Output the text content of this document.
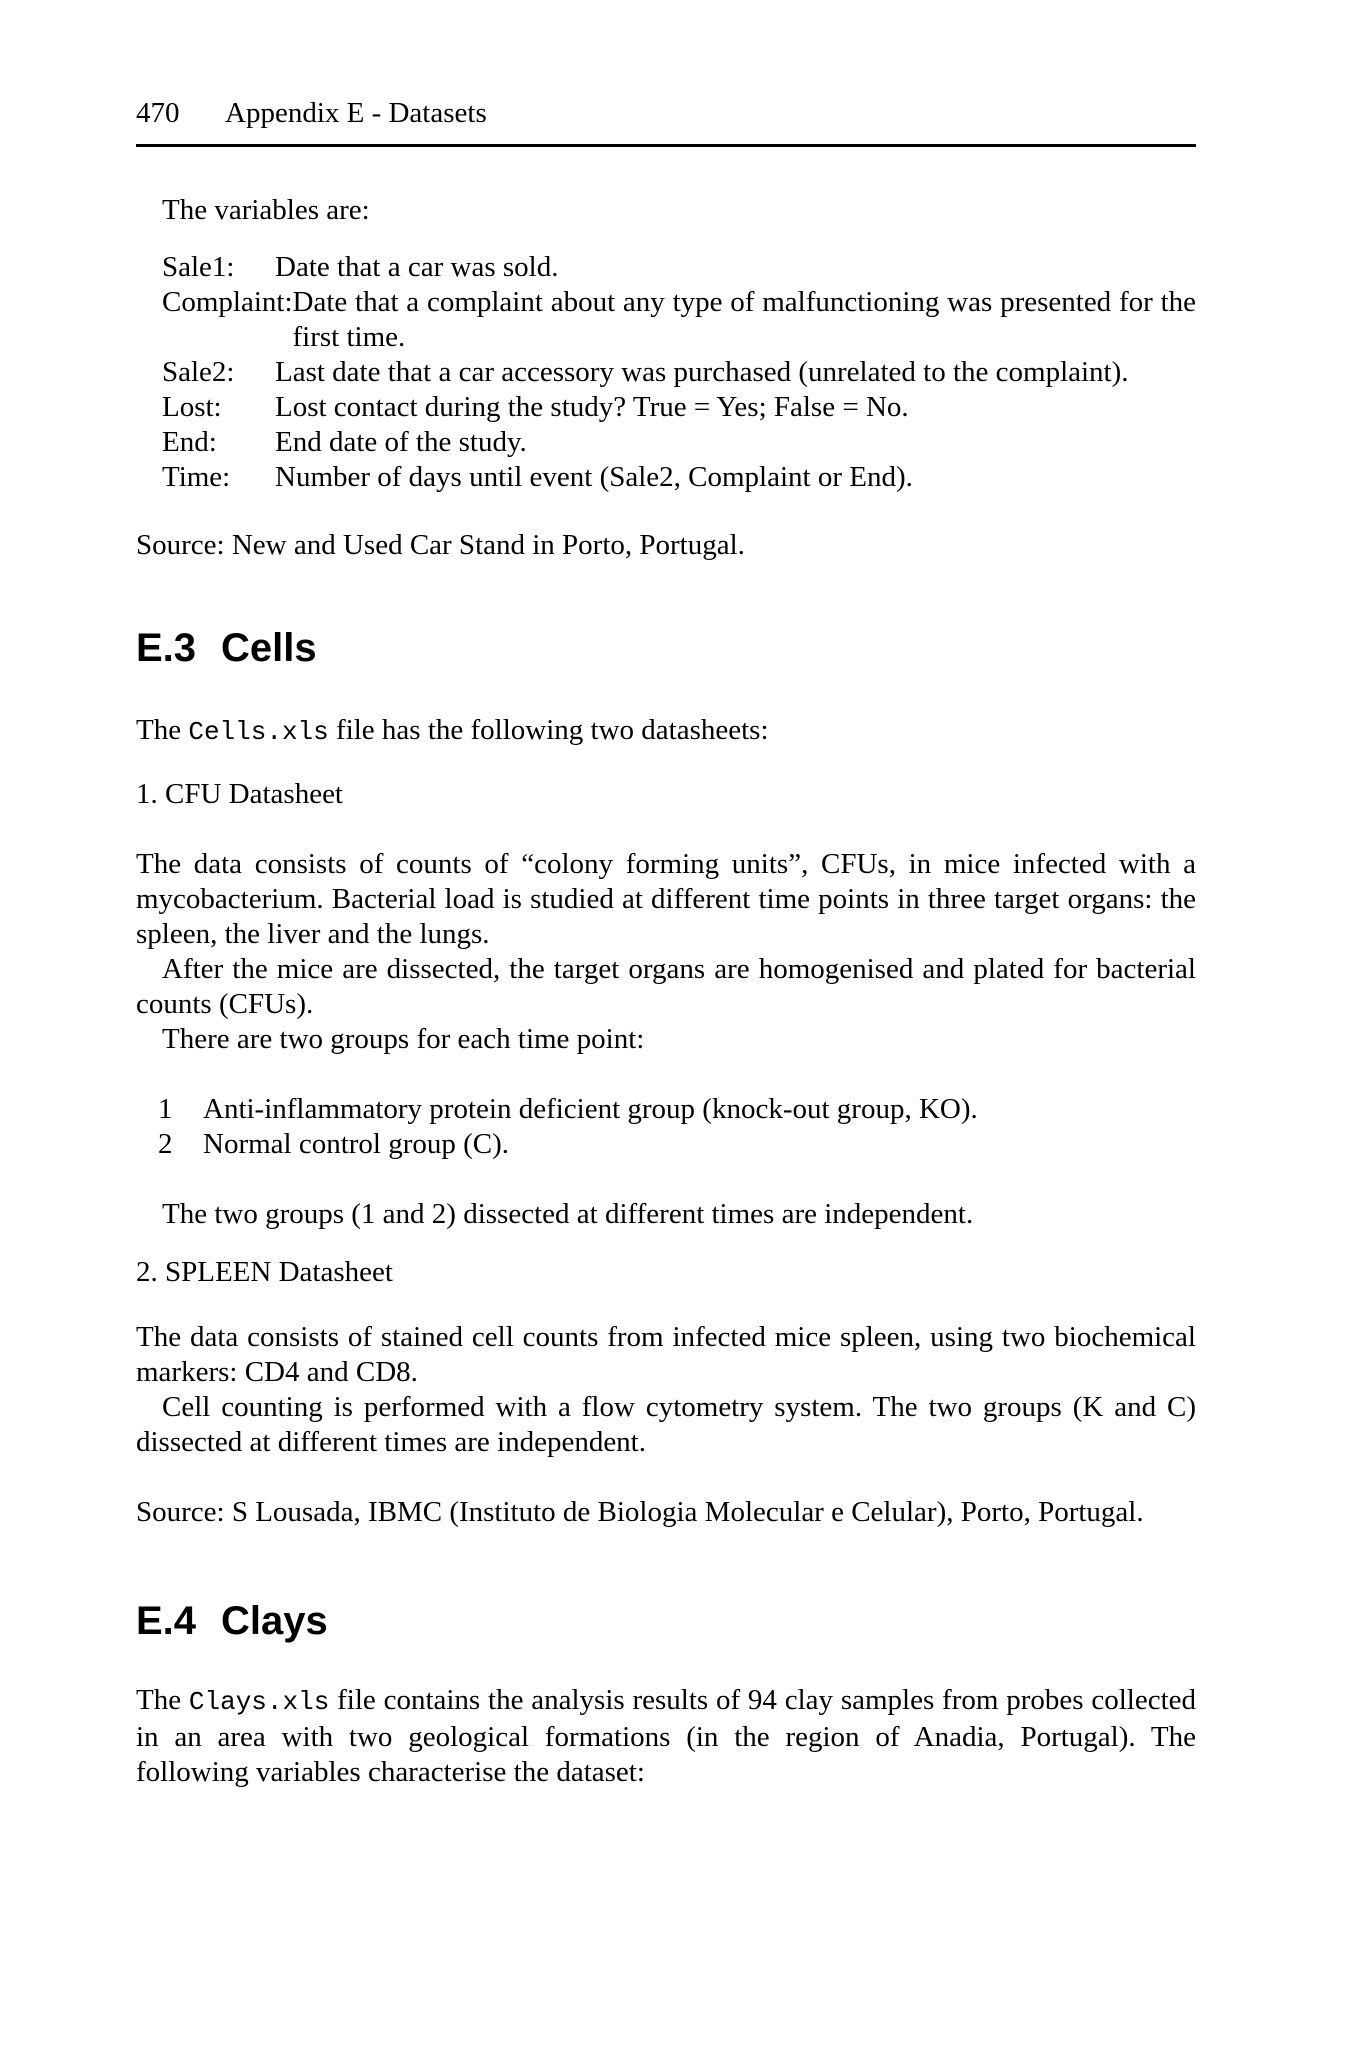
470	Appendix E - Datasets

The variables are:

Sale1:	Date that a car was sold.
Complaint: Date that a complaint about any type of malfunctioning was presented for the first time.
Sale2:	Last date that a car accessory was purchased (unrelated to the complaint).
Lost:	Lost contact during the study? True = Yes; False = No.
End:	End date of the study.
Time:	Number of days until event (Sale2, Complaint or End).

Source: New and Used Car Stand in Porto, Portugal.

E.3 Cells

The Cells.xls file has the following two datasheets:

1. CFU Datasheet

The data consists of counts of “colony forming units”, CFUs, in mice infected with a mycobacterium. Bacterial load is studied at different time points in three target organs: the spleen, the liver and the lungs.

After the mice are dissected, the target organs are homogenised and plated for bacterial counts (CFUs).

There are two groups for each time point:

1	Anti-inflammatory protein deficient group (knock-out group, KO).
2	Normal control group (C).

The two groups (1 and 2) dissected at different times are independent.

2. SPLEEN Datasheet

The data consists of stained cell counts from infected mice spleen, using two biochemical markers: CD4 and CD8.

Cell counting is performed with a flow cytometry system. The two groups (K and C) dissected at different times are independent.

Source: S Lousada, IBMC (Instituto de Biologia Molecular e Celular), Porto, Portugal.

E.4 Clays

The Clays.xls file contains the analysis results of 94 clay samples from probes collected in an area with two geological formations (in the region of Anadia, Portugal). The following variables characterise the dataset:
